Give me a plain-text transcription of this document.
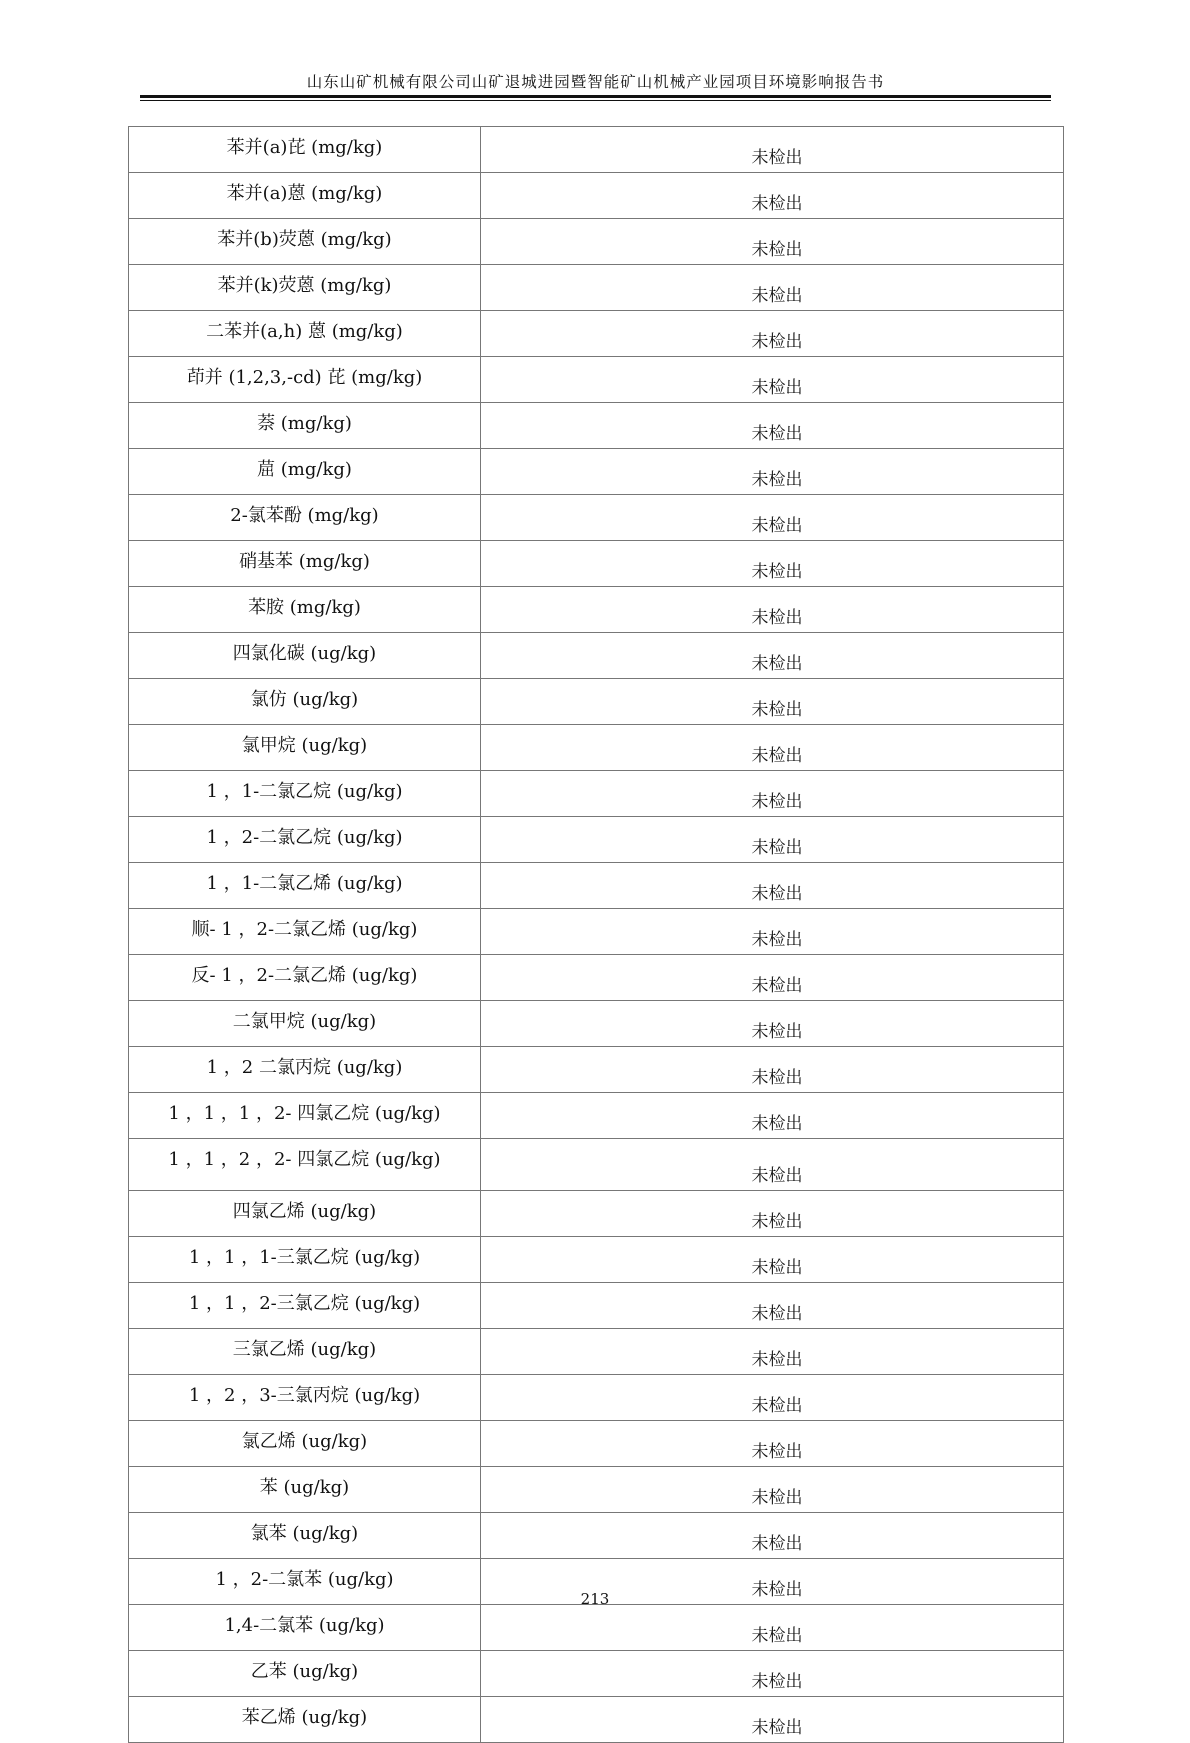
山东山矿机械有限公司山矿退城进园暨智能矿山机械产业园项目环境影响报告书
苯并(a)芘 (mg/kg)	未检出
苯并(a)蒽 (mg/kg)	未检出
苯并(b)荧蒽 (mg/kg)	未检出
苯并(k)荧蒽 (mg/kg)	未检出
二苯并(a,h) 蒽 (mg/kg)	未检出
茚并 (1,2,3,-cd) 芘 (mg/kg)	未检出
萘 (mg/kg)	未检出
䓛 (mg/kg)	未检出
2-氯苯酚 (mg/kg)	未检出
硝基苯 (mg/kg)	未检出
苯胺 (mg/kg)	未检出
四氯化碳 (ug/kg)	未检出
氯仿 (ug/kg)	未检出
氯甲烷 (ug/kg)	未检出
1 ，1-二氯乙烷 (ug/kg)	未检出
1 ，2-二氯乙烷 (ug/kg)	未检出
1 ，1-二氯乙烯 (ug/kg)	未检出
顺- 1 ，2-二氯乙烯 (ug/kg)	未检出
反- 1 ，2-二氯乙烯 (ug/kg)	未检出
二氯甲烷 (ug/kg)	未检出
1 ，2 二氯丙烷 (ug/kg)	未检出
1 ，1 ，1 ，2- 四氯乙烷 (ug/kg)	未检出
1 ，1 ，2 ，2- 四氯乙烷 (ug/kg)	未检出
四氯乙烯 (ug/kg)	未检出
1 ，1 ，1-三氯乙烷 (ug/kg)	未检出
1 ，1 ，2-三氯乙烷 (ug/kg)	未检出
三氯乙烯 (ug/kg)	未检出
1 ，2 ，3-三氯丙烷 (ug/kg)	未检出
氯乙烯 (ug/kg)	未检出
苯 (ug/kg)	未检出
氯苯 (ug/kg)	未检出
1 ，2-二氯苯 (ug/kg)	未检出
1,4-二氯苯 (ug/kg)	未检出
乙苯 (ug/kg)	未检出
苯乙烯 (ug/kg)	未检出
213
